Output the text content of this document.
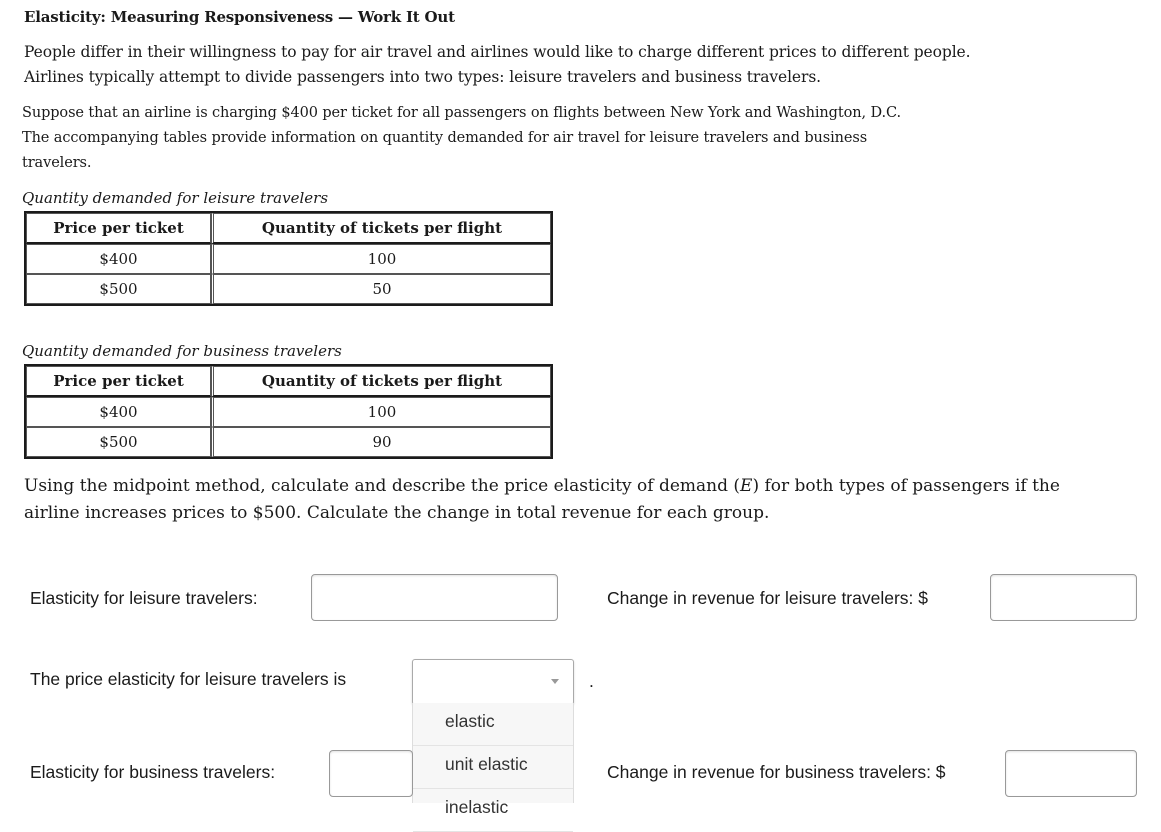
Elasticity: Measuring Responsiveness — Work It Out
People differ in their willingness to pay for air travel and airlines would like to charge different prices to different people.
Airlines typically attempt to divide passengers into two types: leisure travelers and business travelers.
Suppose that an airline is charging $400 per ticket for all passengers on flights between New York and Washington, D.C.
The accompanying tables provide information on quantity demanded for air travel for leisure travelers and business
travelers.
Quantity demanded for leisure travelers
Price per ticket	Quantity of tickets per flight
$400	100
$500	50
Quantity demanded for business travelers
Price per ticket	Quantity of tickets per flight
$400	100
$500	90
Using the midpoint method, calculate and describe the price elasticity of demand (E) for both types of passengers if the
airline increases prices to $500. Calculate the change in total revenue for each group.
Elasticity for leisure travelers:	Change in revenue for leisure travelers: $
The price elasticity for leisure travelers is	.
elastic
unit elastic
inelastic
Elasticity for business travelers:	Change in revenue for business travelers: $
